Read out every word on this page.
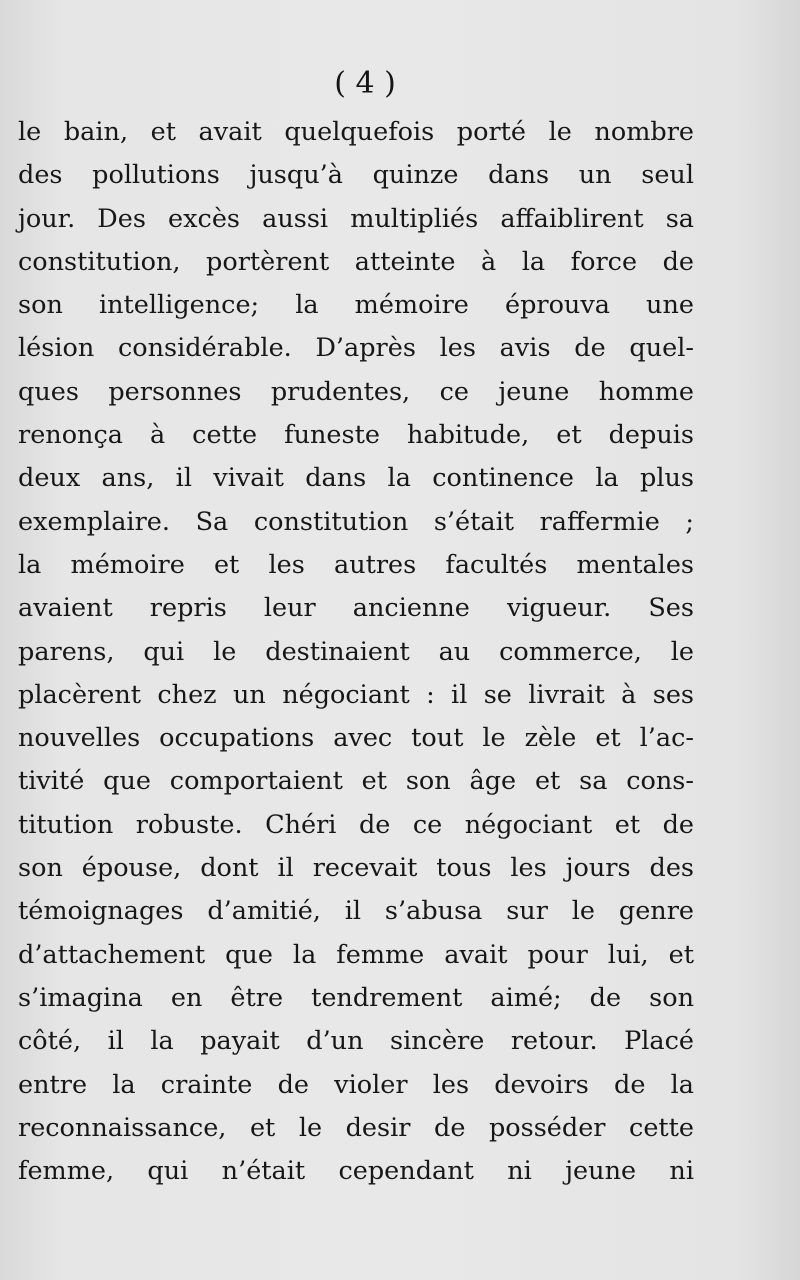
( 4 )
le bain, et avait quelquefois porté le nombre
des pollutions jusqu’à quinze dans un seul
jour. Des excès aussi multipliés affaiblirent sa
constitution, portèrent atteinte à la force de
son intelligence; la mémoire éprouva une
lésion considérable. D’après les avis de quel-
ques personnes prudentes, ce jeune homme
renonça à cette funeste habitude, et depuis
deux ans, il vivait dans la continence la plus
exemplaire. Sa constitution s’était raffermie ;
la mémoire et les autres facultés mentales
avaient repris leur ancienne vigueur. Ses
parens, qui le destinaient au commerce, le
placèrent chez un négociant : il se livrait à ses
nouvelles occupations avec tout le zèle et l’ac-
tivité que comportaient et son âge et sa cons-
titution robuste. Chéri de ce négociant et de
son épouse, dont il recevait tous les jours des
témoignages d’amitié, il s’abusa sur le genre
d’attachement que la femme avait pour lui, et
s’imagina en être tendrement aimé; de son
côté, il la payait d’un sincère retour. Placé
entre la crainte de violer les devoirs de la
reconnaissance, et le desir de posséder cette
femme, qui n’était cependant ni jeune ni
